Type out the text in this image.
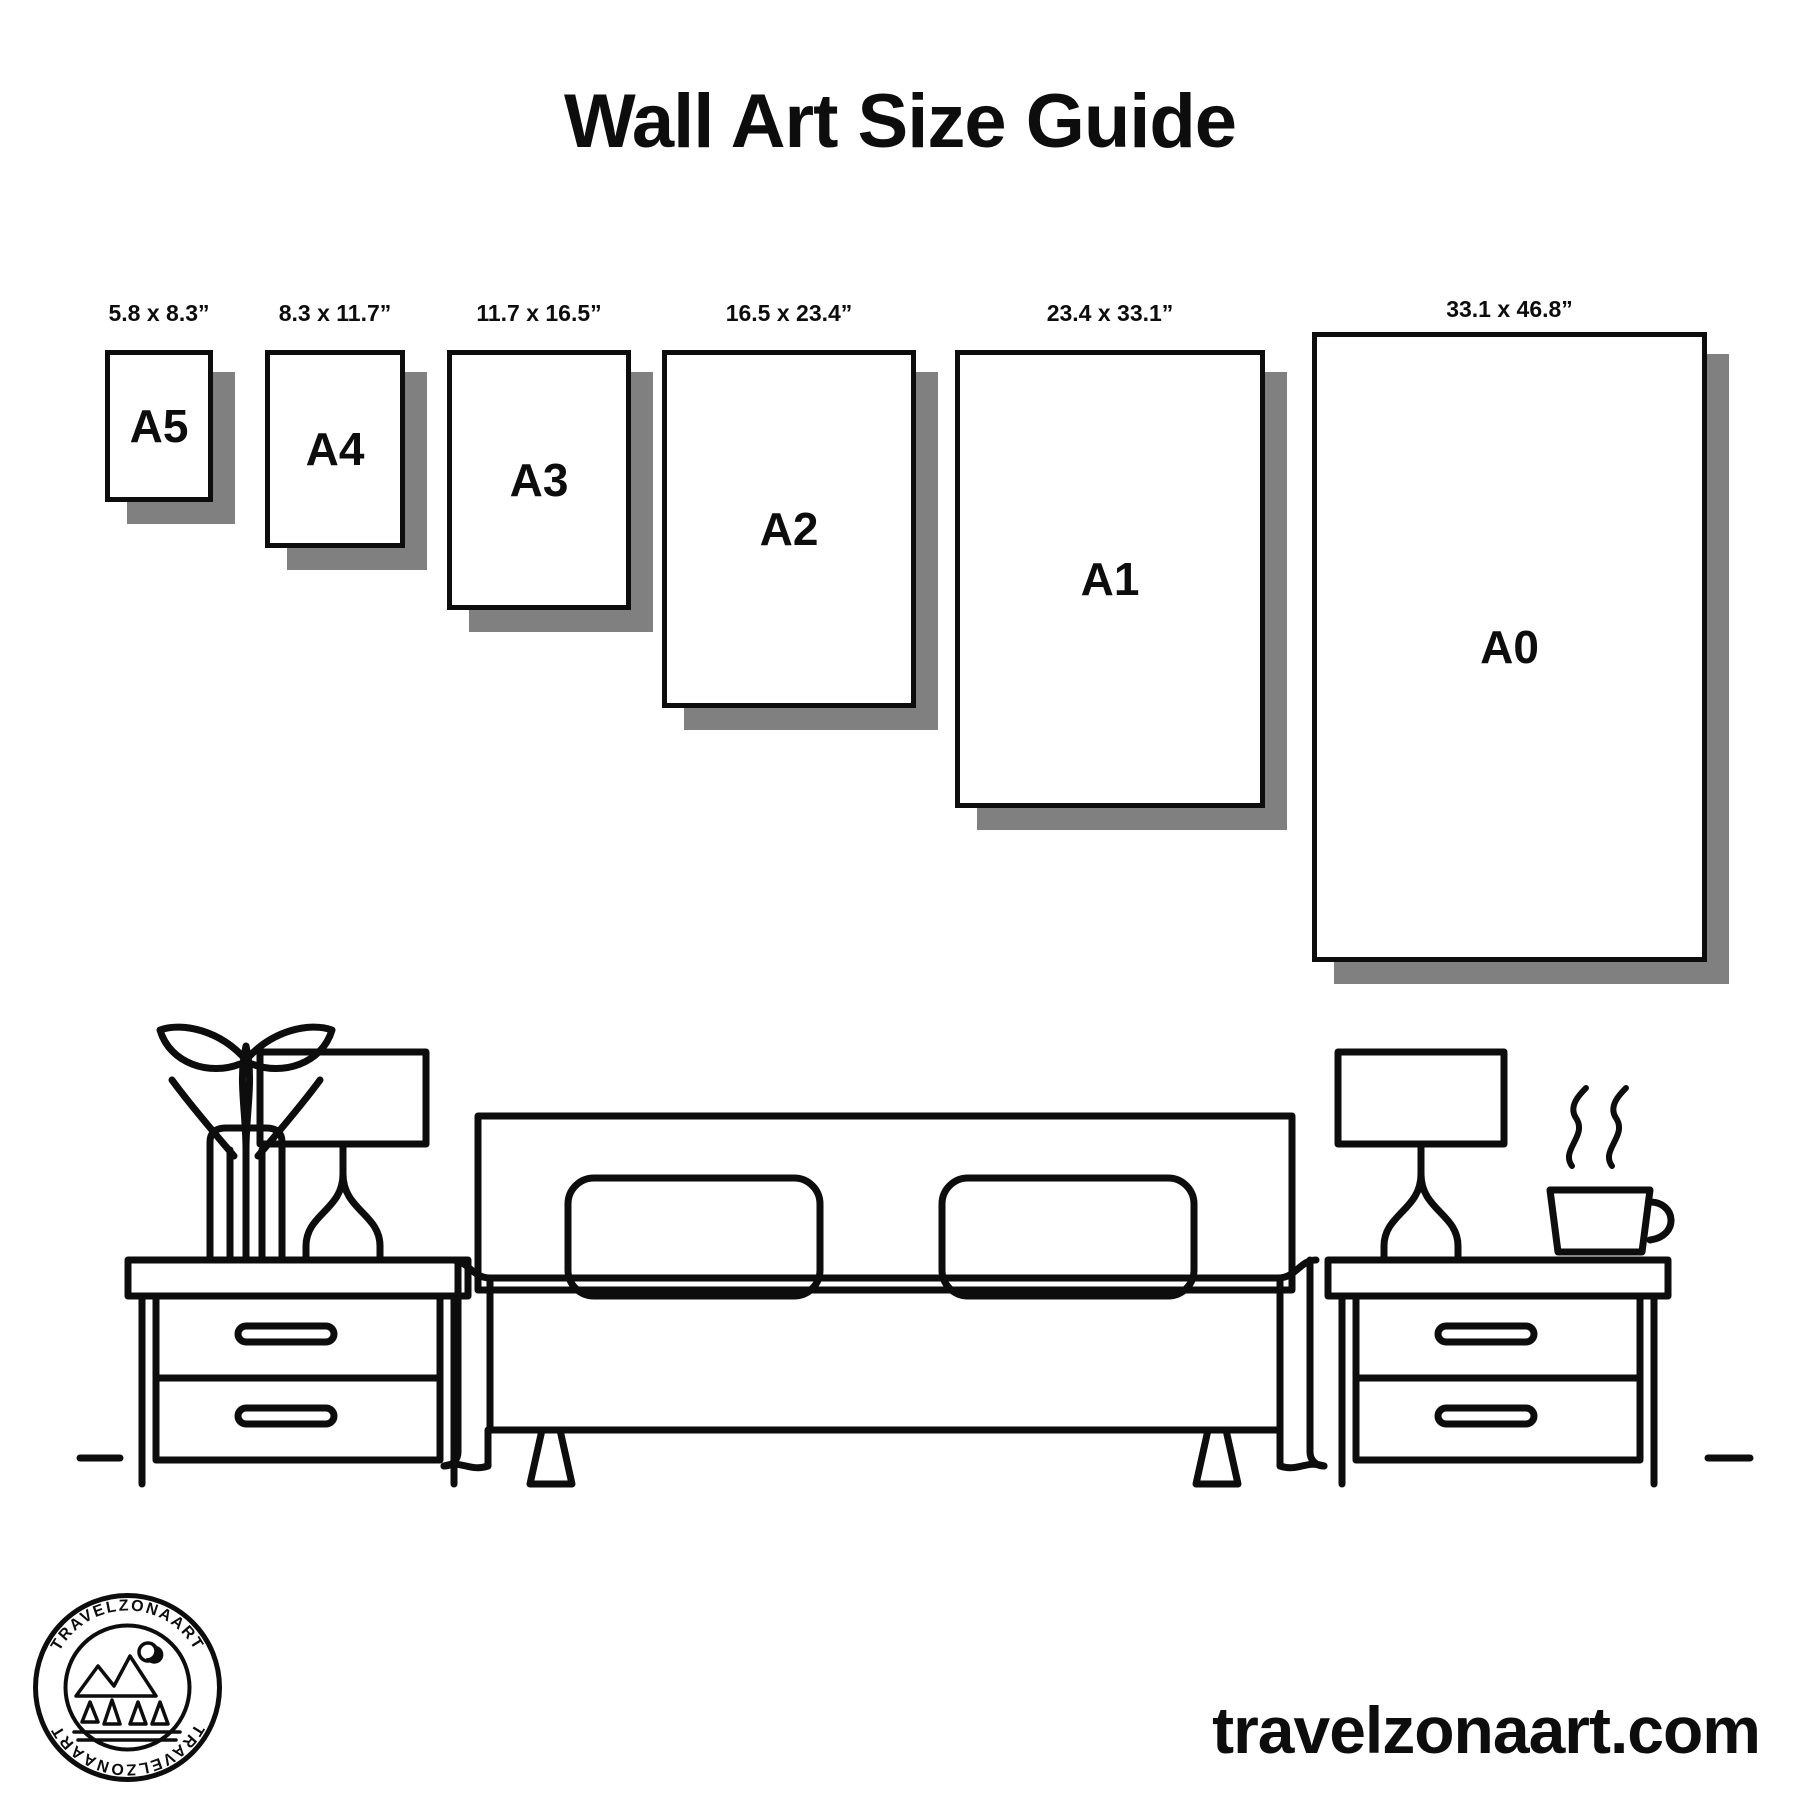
Wall Art Size Guide
5.8 x 8.3”
A5
8.3 x 11.7”
A4
11.7 x 16.5”
A3
16.5 x 23.4”
A2
23.4 x 33.1”
A1
33.1 x 46.8”
A0
TRAVELZONAART
TRAVELZONAART	travelzonaart.com
